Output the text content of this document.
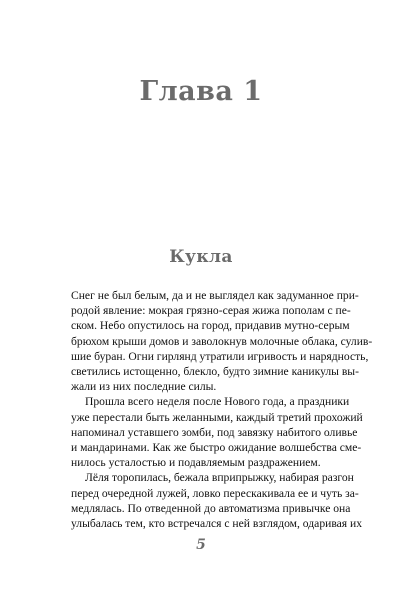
Глава 1
Кукла

Снег не был белым, да и не выглядел как задуманное при-
родой явление: мокрая грязно-серая жижа пополам с пе-
ском. Небо опустилось на город, придавив мутно-серым
брюхом крыши домов и заволокнув молочные облака, сулив-
шие буран. Огни гирлянд утратили игривость и нарядность,
светились истощенно, блекло, будто зимние каникулы вы-
жали из них последние силы.

Прошла всего неделя после Нового года, а праздники
уже перестали быть желанными, каждый третий прохожий
напоминал уставшего зомби, под завязку набитого оливье
и мандаринами. Как же быстро ожидание волшебства сме-
нилось усталостью и подавляемым раздражением.

Лёля торопилась, бежала вприпрыжку, набирая разгон
перед очередной лужей, ловко перескакивала ее и чуть за-
медлялась. По отведенной до автоматизма привычке она
улыбалась тем, кто встречался с ней взглядом, одаривая их

5
